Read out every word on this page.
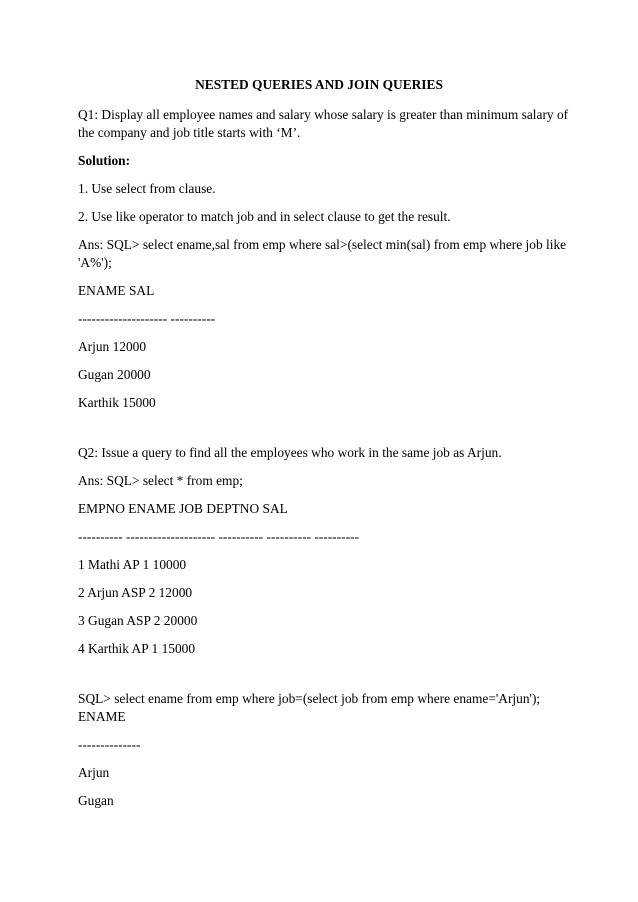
NESTED QUERIES AND JOIN QUERIES
Q1: Display all employee names and salary whose salary is greater than minimum salary of
the company and job title starts with ‘M’.
Solution:
1. Use select from clause.
2. Use like operator to match job and in select clause to get the result.
Ans: SQL> select ename,sal from emp where sal>(select min(sal) from emp where job like
'A%');
ENAME SAL
-------------------- ----------
Arjun 12000
Gugan 20000
Karthik 15000
Q2: Issue a query to find all the employees who work in the same job as Arjun.
Ans: SQL> select * from emp;
EMPNO ENAME JOB DEPTNO SAL
---------- -------------------- ---------- ---------- ----------
1 Mathi AP 1 10000
2 Arjun ASP 2 12000
3 Gugan ASP 2 20000
4 Karthik AP 1 15000
SQL> select ename from emp where job=(select job from emp where ename='Arjun');
ENAME
--------------
Arjun
Gugan
